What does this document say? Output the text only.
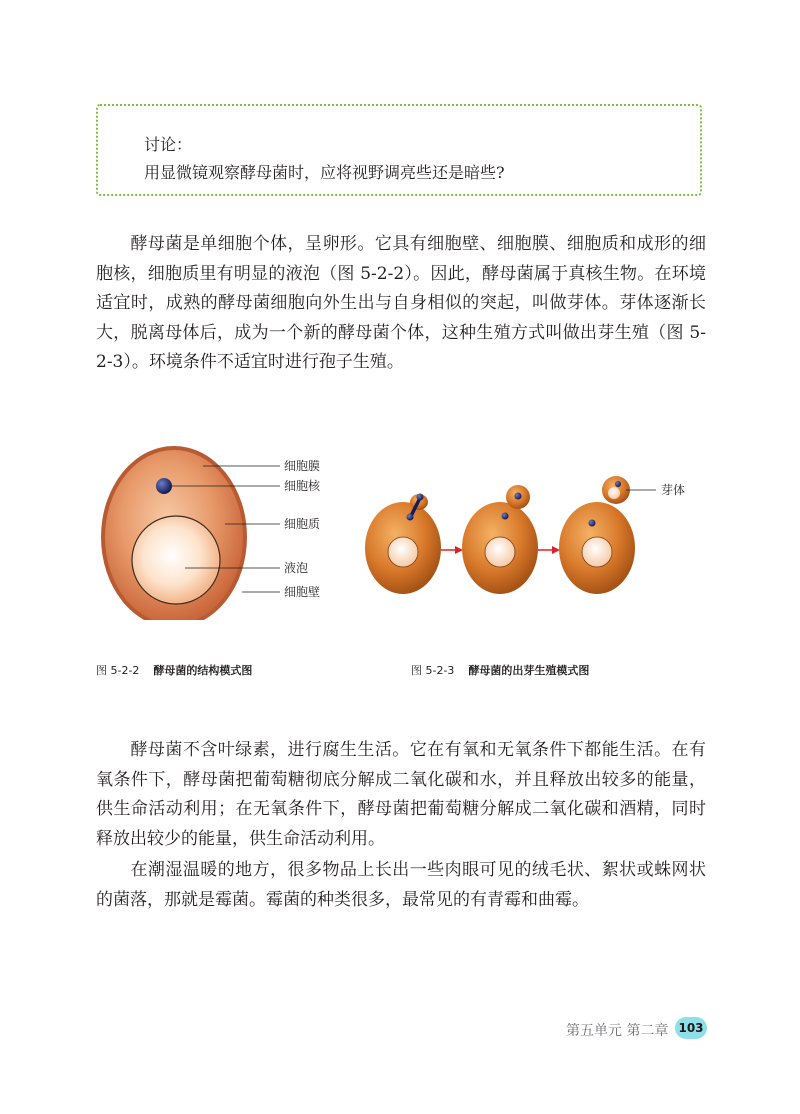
讨论：
用显微镜观察酵母菌时，应将视野调亮些还是暗些?

酵母菌是单细胞个体，呈卵形。它具有细胞壁、细胞膜、细胞质和成形的细胞核，细胞质里有明显的液泡（图 5-2-2）。因此，酵母菌属于真核生物。在环境适宜时，成熟的酵母菌细胞向外生出与自身相似的突起，叫做芽体。芽体逐渐长大，脱离母体后，成为一个新的酵母菌个体，这种生殖方式叫做出芽生殖（图 5-2-3）。环境条件不适宜时进行孢子生殖。

细胞膜
细胞核
细胞质
液泡
细胞壁
芽体
图 5-2-2 酵母菌的结构模式图	图 5-2-3 酵母菌的出芽生殖模式图

酵母菌不含叶绿素，进行腐生生活。它在有氧和无氧条件下都能生活。在有氧条件下，酵母菌把葡萄糖彻底分解成二氧化碳和水，并且释放出较多的能量，供生命活动利用；在无氧条件下，酵母菌把葡萄糖分解成二氧化碳和酒精，同时释放出较少的能量，供生命活动利用。

在潮湿温暖的地方，很多物品上长出一些肉眼可见的绒毛状、絮状或蛛网状的菌落，那就是霉菌。霉菌的种类很多，最常见的有青霉和曲霉。

第五单元 第二章 103
